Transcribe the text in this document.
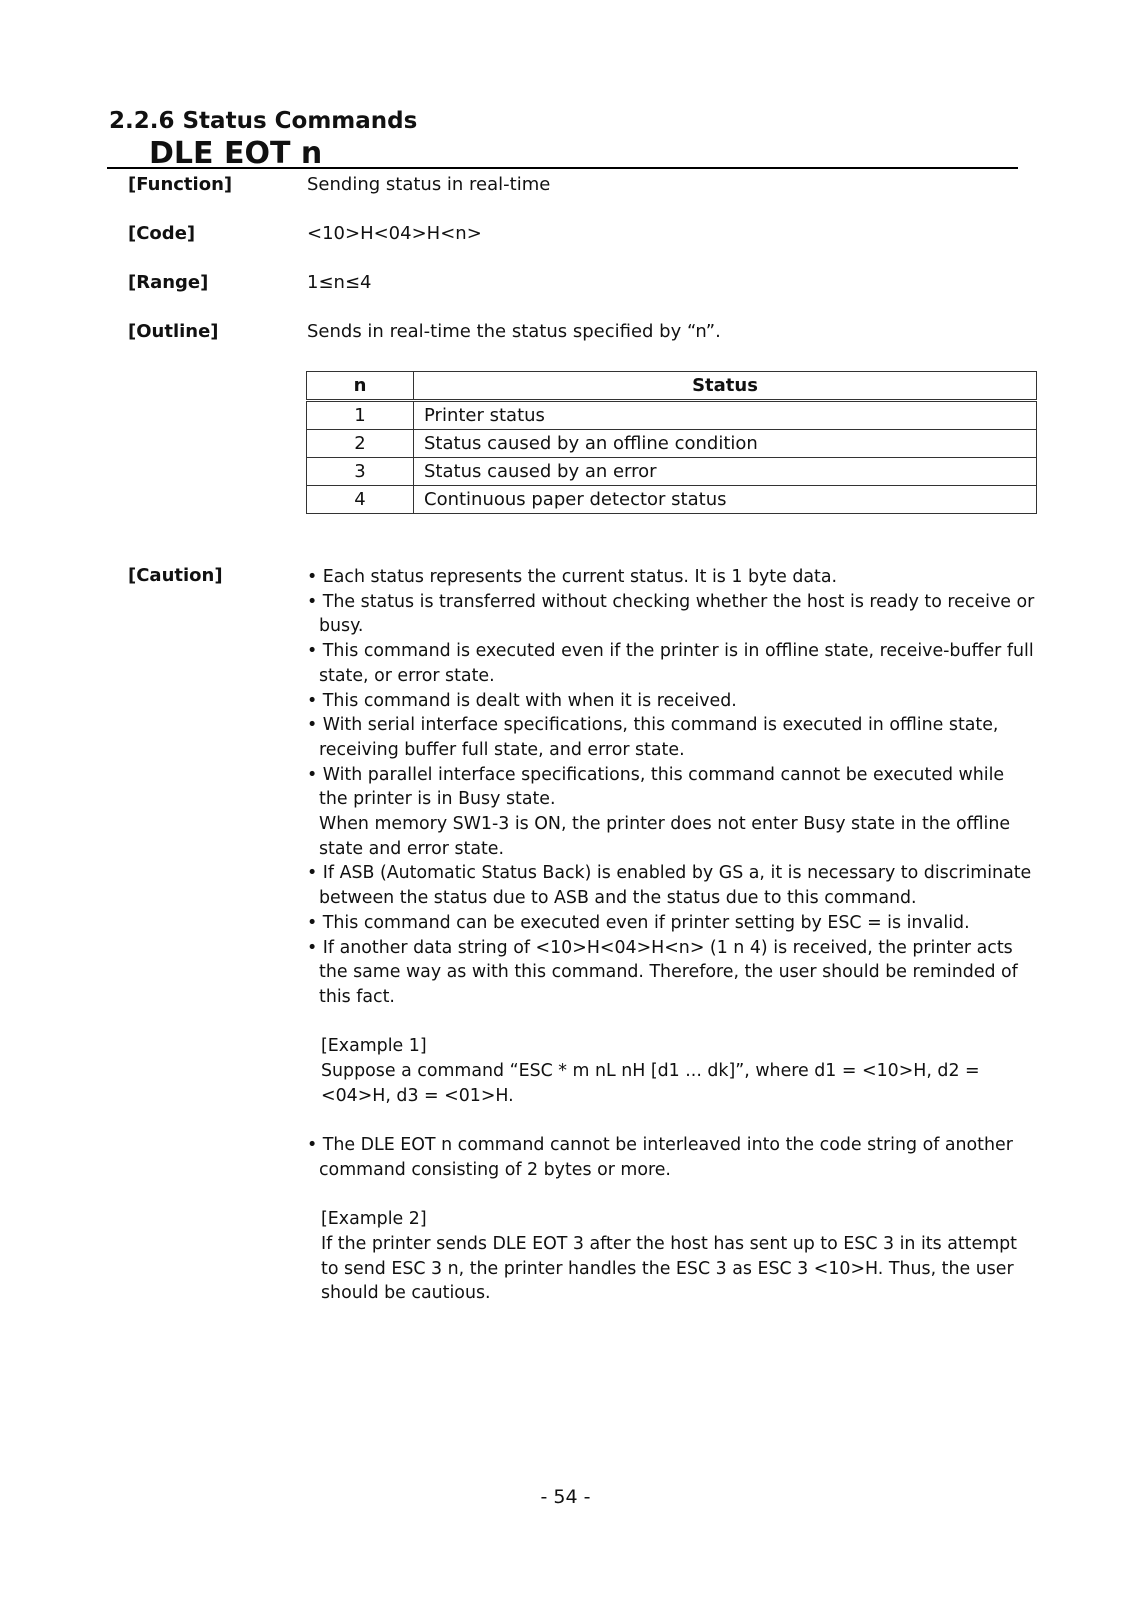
2.2.6 Status Commands
DLE EOT n
[Function]	Sending status in real-time
[Code]	<10>H<04>H<n>
[Range]	1≤n≤4
[Outline]	Sends in real-time the status specified by “n”.
n	Status
1	Printer status
2	Status caused by an offline condition
3	Status caused by an error
4	Continuous paper detector status
[Caution]	• Each status represents the current status. It is 1 byte data.

• The status is transferred without checking whether the host is ready to receive or busy.

• This command is executed even if the printer is in offline state, receive-buffer full state, or error state.

• This command is dealt with when it is received.

• With serial interface specifications, this command is executed in offline state, receiving buffer full state, and error state.

• With parallel interface specifications, this command cannot be executed while the printer is in Busy state.

When memory SW1-3 is ON, the printer does not enter Busy state in the offline state and error state.

• If ASB (Automatic Status Back) is enabled by GS a, it is necessary to discriminate between the status due to ASB and the status due to this command.

• This command can be executed even if printer setting by ESC = is invalid.

• If another data string of <10>H<04>H<n> (1 n 4) is received, the printer acts the same way as with this command. Therefore, the user should be reminded of this fact.

[Example 1]

Suppose a command “ESC * m nL nH [d1 ... dk]”, where d1 = <10>H, d2 = <04>H, d3 = <01>H.

• The DLE EOT n command cannot be interleaved into the code string of another command consisting of 2 bytes or more.

[Example 2]

If the printer sends DLE EOT 3 after the host has sent up to ESC 3 in its attempt to send ESC 3 n, the printer handles the ESC 3 as ESC 3 <10>H. Thus, the user should be cautious.

- 54 -
